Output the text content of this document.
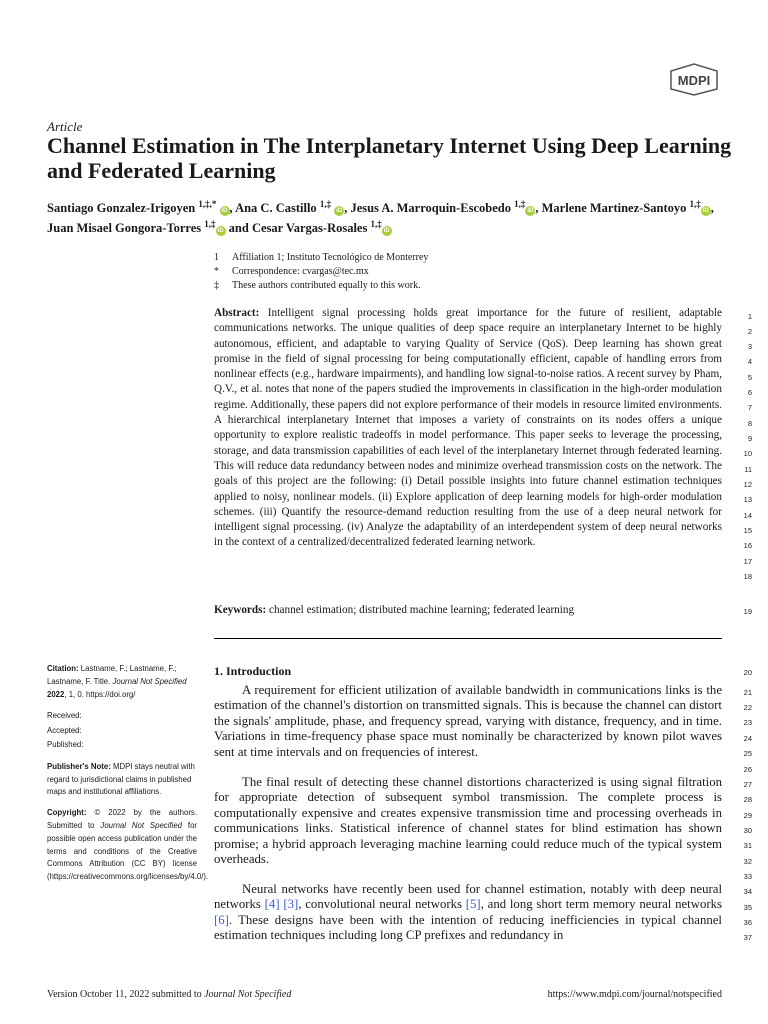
MDPI
Article
Channel Estimation in The Interplanetary Internet Using Deep Learning and Federated Learning
Santiago Gonzalez-Irigoyen $^{1,\ddagger,*}$ iD , Ana C. Castillo $^{1,\ddagger}$ iD , Jesus A. Marroquin-Escobedo $^{1,\ddagger}$iD , Marlene Martinez-Santoyo $^{1,\ddagger}$iD , Juan Misael Gongora-Torres $^{1,\ddagger}$iD and Cesar Vargas-Rosales $^{1,\ddagger}$iD
1	Affiliation 1; Instituto Tecnológico de Monterrey
*	Correspondence: cvargas@tec.mx
‡	These authors contributed equally to this work.
Abstract: Intelligent signal processing holds great importance for the future of resilient, adaptable communications networks. The unique qualities of deep space require an interplanetary Internet to be highly autonomous, efficient, and adaptable to varying Quality of Service (QoS). Deep learning has shown great promise in the field of signal processing for being computationally efficient, capable of handling errors from nonlinear effects (e.g., hardware impairments), and handling low signal-to-noise ratios. A recent survey by Pham, Q.V., et al. notes that none of the papers studied the improvements in classification in the high-order modulation regime. Additionally, these papers did not explore performance of their models in resource limited environments. A hierarchical interplanetary Internet that imposes a variety of constraints on its nodes offers a unique opportunity to explore realistic tradeoffs in model performance. This paper seeks to leverage the processing, storage, and data transmission capabilities of each level of the interplanetary Internet through federated learning. This will reduce data redundancy between nodes and minimize overhead transmission costs on the network. The goals of this project are the following: (i) Detail possible insights into future channel estimation techniques applied to noisy, nonlinear models. (ii) Explore application of deep learning models for high-order modulation schemes. (iii) Quantify the resource-demand reduction resulting from the use of a deep neural network for intelligent signal processing. (iv) Analyze the adaptability of an interdependent system of deep neural networks in the context of a centralized/decentralized federated learning network.
Keywords: channel estimation; distributed machine learning; federated learning
Citation: Lastname, F.; Lastname, F.; Lastname, F. Title. Journal Not Specified 2022, 1, 0. https://doi.org/
Received:
Accepted:
Published:
Publisher's Note: MDPI stays neutral with regard to jurisdictional claims in published maps and institutional affiliations.
Copyright: © 2022 by the authors. Submitted to Journal Not Specified for possible open access publication under the terms and conditions of the Creative Commons Attribution (CC BY) license (https://creativecommons.org/licenses/by/4.0/).
1. Introduction

A requirement for efficient utilization of available bandwidth in communications links is the estimation of the channel's distortion on transmitted signals. This is because the channel can distort the signals' amplitude, phase, and frequency spread, varying with distance, frequency, and in time. Variations in time-frequency phase space must nominally be characterized by known pilot waves sent at time intervals and on frequencies of interest.

The final result of detecting these channel distortions characterized is using signal filtration for appropriate detection of subsequent symbol transmission. The complete process is computationally expensive and creates expensive transmission time and processing overheads in communications links. Statistical inference of channel states for blind estimation has shown promise; a hybrid approach leveraging machine learning could reduce much of the typical system overheads.

Neural networks have recently been used for channel estimation, notably with deep neural networks [4] [3], convolutional neural networks [5], and long short term memory neural networks [6]. These designs have been with the intention of reducing inefficiencies in typical channel estimation techniques including long CP prefixes and redundancy in

1
2
3
4
5
6
7
8
9
10
11
12
13
14
15
16
17
18
19
20
21
22
23
24
25
26
27
28
29
30
31
32
33
34
35
36
37
Version October 11, 2022 submitted to Journal Not Specified	https://www.mdpi.com/journal/notspecified
